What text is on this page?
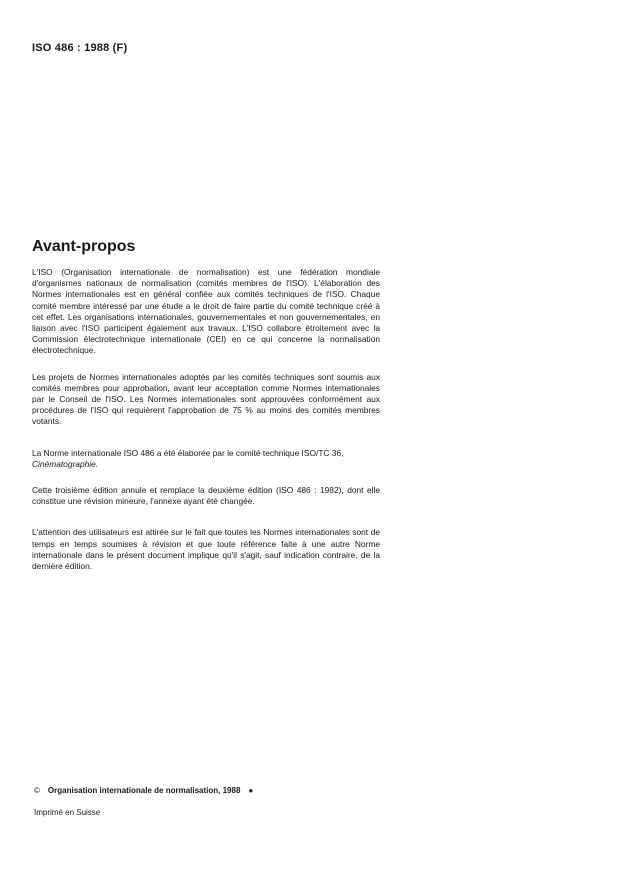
ISO 486 : 1988 (F)
Avant-propos

L'ISO (Organisation internationale de normalisation) est une fédération mondiale d'organismes nationaux de normalisation (comités membres de l'ISO). L'élaboration des Normes internationales est en général confiée aux comités techniques de l'ISO. Chaque comité membre intéressé par une étude a le droit de faire partie du comité technique créé à cet effet. Les organisations internationales, gouvernementales et non gouvernementales, en liaison avec l'ISO participent également aux travaux. L'ISO collabore étroitement avec la Commission électrotechnique internationale (CEI) en ce qui concerne la normalisation électrotechnique.

Les projets de Normes internationales adoptés par les comités techniques sont soumis aux comités membres pour approbation, avant leur acceptation comme Normes internationales par le Conseil de l'ISO. Les Normes internationales sont approuvées conformément aux procédures de l'ISO qui requièrent l'approbation de 75 % au moins des comités membres votants.

La Norme internationale ISO 486 a été élaborée par le comité technique ISO/TC 36,
Cinématographie.

Cette troisième édition annule et remplace la deuxième édition (ISO 486 : 1982), dont elle constitue une révision mineure, l'annexe ayant été changée.

L'attention des utilisateurs est attirée sur le fait que toutes les Normes internationales sont de temps en temps soumises à révision et que toute référence faite à une autre Norme internationale dans le présent document implique qu'il s'agit, sauf indication contraire, de la dernière édition.

© Organisation internationale de normalisation, 1988 ●
Imprimé en Suisse
